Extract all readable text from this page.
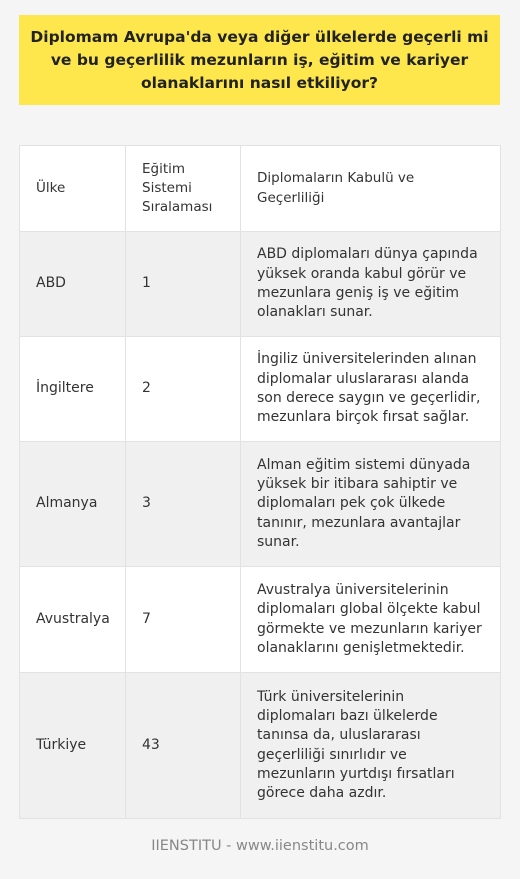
Diplomam Avrupa'da veya diğer ülkelerde geçerli mi ve bu geçerlilik mezunların iş, eğitim ve kariyer olanaklarını nasıl etkiliyor?
Ülke	Eğitim Sistemi Sıralaması	Diplomaların Kabulü ve Geçerliliği
ABD	1	ABD diplomaları dünya çapında yüksek oranda kabul görür ve mezunlara geniş iş ve eğitim olanakları sunar.
İngiltere	2	İngiliz üniversitelerinden alınan diplomalar uluslararası alanda son derece saygın ve geçerlidir, mezunlara birçok fırsat sağlar.
Almanya	3	Alman eğitim sistemi dünyada yüksek bir itibara sahiptir ve diplomaları pek çok ülkede tanınır, mezunlara avantajlar sunar.
Avustralya	7	Avustralya üniversitelerinin diplomaları global ölçekte kabul görmekte ve mezunların kariyer olanaklarını genişletmektedir.
Türkiye	43	Türk üniversitelerinin diplomaları bazı ülkelerde tanınsa da, uluslararası geçerliliği sınırlıdır ve mezunların yurtdışı fırsatları görece daha azdır.
IIENSTITU - www.iienstitu.com
